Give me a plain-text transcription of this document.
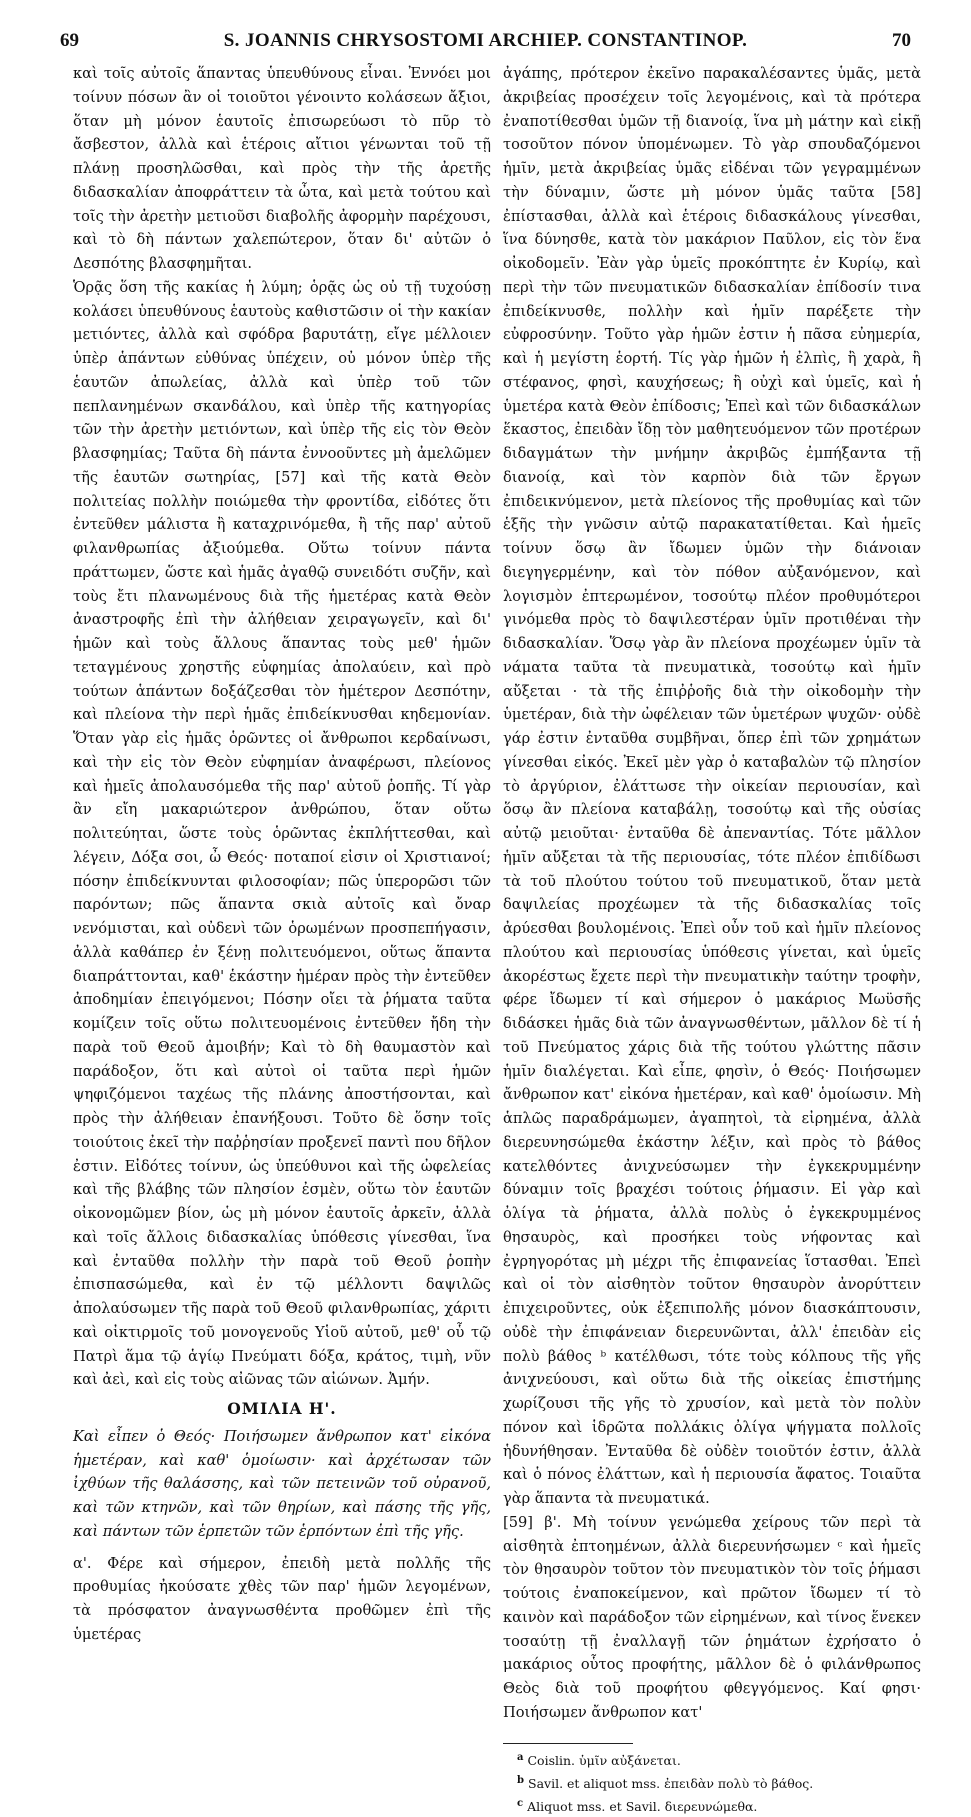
69	S. JOANNIS CHRYSOSTOMI ARCHIEP. CONSTANTINOP.	70

καὶ τοῖς αὐτοῖς ἅπαντας ὑπευθύνους εἶναι. Ἐννόει μοι τοίνυν πόσων ἂν οἱ τοιοῦτοι γένοιντο κολάσεων ἄξιοι, ὅταν μὴ μόνον ἑαυτοῖς ἐπισωρεύωσι τὸ πῦρ τὸ ἄσβεστον, ἀλλὰ καὶ ἑτέροις αἴτιοι γένωνται τοῦ τῇ πλάνῃ προσηλῶσθαι, καὶ πρὸς τὴν τῆς ἀρετῆς διδασκαλίαν ἀποφράττειν τὰ ὦτα, καὶ μετὰ τούτου καὶ τοῖς τὴν ἀρετὴν μετιοῦσι διαβολῆς ἀφορμὴν παρέχουσι, καὶ τὸ δὴ πάντων χαλεπώτερον, ὅταν δι' αὐτῶν ὁ Δεσπότης βλασφημῆται.

Ὁρᾷς ὅση τῆς κακίας ἡ λύμη; ὁρᾷς ὡς οὐ τῇ τυχούσῃ κολάσει ὑπευθύνους ἑαυτοὺς καθιστῶσιν οἱ τὴν κακίαν μετιόντες, ἀλλὰ καὶ σφόδρα βαρυτάτῃ, εἴγε μέλλοιεν ὑπὲρ ἁπάντων εὐθύνας ὑπέχειν, οὐ μόνον ὑπὲρ τῆς ἑαυτῶν ἀπωλείας, ἀλλὰ καὶ ὑπὲρ τοῦ τῶν πεπλανημένων σκανδάλου, καὶ ὑπὲρ τῆς κατηγορίας τῶν τὴν ἀρετὴν μετιόντων, καὶ ὑπὲρ τῆς εἰς τὸν Θεὸν βλασφημίας; Ταῦτα δὴ πάντα ἐννοοῦντες μὴ ἀμελῶμεν τῆς ἑαυτῶν σωτηρίας, [57] καὶ τῆς κατὰ Θεὸν πολιτείας πολλὴν ποιώμεθα τὴν φροντίδα, εἰδότες ὅτι ἐντεῦθεν μάλιστα ἢ καταχρινόμεθα, ἢ τῆς παρ' αὐτοῦ φιλανθρωπίας ἀξιούμεθα. Οὕτω τοίνυν πάντα πράττωμεν, ὥστε καὶ ἡμᾶς ἀγαθῷ συνειδότι συζῆν, καὶ τοὺς ἔτι πλανωμένους διὰ τῆς ἡμετέρας κατὰ Θεὸν ἀναστροφῆς ἐπὶ τὴν ἀλήθειαν χειραγωγεῖν, καὶ δι' ἡμῶν καὶ τοὺς ἄλλους ἅπαντας τοὺς μεθ' ἡμῶν τεταγμένους χρηστῆς εὐφημίας ἀπολαύειν, καὶ πρὸ τούτων ἁπάντων δοξάζεσθαι τὸν ἡμέτερον Δεσπότην, καὶ πλείονα τὴν περὶ ἡμᾶς ἐπιδείκνυσθαι κηδεμονίαν. Ὅταν γὰρ εἰς ἡμᾶς ὁρῶντες οἱ ἄνθρωποι κερδαίνωσι, καὶ τὴν εἰς τὸν Θεὸν εὐφημίαν ἀναφέρωσι, πλείονος καὶ ἡμεῖς ἀπολαυσόμεθα τῆς παρ' αὐτοῦ ῥοπῆς. Τί γὰρ ἂν εἴη μακαριώτερον ἀνθρώπου, ὅταν οὕτω πολιτεύηται, ὥστε τοὺς ὁρῶντας ἐκπλήττεσθαι, καὶ λέγειν, Δόξα σοι, ὦ Θεός· ποταποί εἰσιν οἱ Χριστιανοί; πόσην ἐπιδείκνυνται φιλοσοφίαν; πῶς ὑπερορῶσι τῶν παρόντων; πῶς ἅπαντα σκιὰ αὐτοῖς καὶ ὄναρ νενόμισται, καὶ οὐδενὶ τῶν ὁρωμένων προσπεπήγασιν, ἀλλὰ καθάπερ ἐν ξένῃ πολιτευόμενοι, οὕτως ἅπαντα διαπράττονται, καθ' ἑκάστην ἡμέραν πρὸς τὴν ἐντεῦθεν ἀποδημίαν ἐπειγόμενοι; Πόσην οἴει τὰ ῥήματα ταῦτα κομίζειν τοῖς οὕτω πολιτευομένοις ἐντεῦθεν ἤδη τὴν παρὰ τοῦ Θεοῦ ἀμοιβήν; Καὶ τὸ δὴ θαυμαστὸν καὶ παράδοξον, ὅτι καὶ αὐτοὶ οἱ ταῦτα περὶ ἡμῶν ψηφιζόμενοι ταχέως τῆς πλάνης ἀποστήσονται, καὶ πρὸς τὴν ἀλήθειαν ἐπανήξουσι. Τοῦτο δὲ ὅσην τοῖς τοιούτοις ἐκεῖ τὴν παῤῥησίαν προξενεῖ παντὶ που δῆλον ἐστιν. Εἰδότες τοίνυν, ὡς ὑπεύθυνοι καὶ τῆς ὠφελείας καὶ τῆς βλάβης τῶν πλησίον ἐσμὲν, οὕτω τὸν ἑαυτῶν οἰκονομῶμεν βίον, ὡς μὴ μόνον ἑαυτοῖς ἀρκεῖν, ἀλλὰ καὶ τοῖς ἄλλοις διδασκαλίας ὑπόθεσις γίνεσθαι, ἵνα καὶ ἐνταῦθα πολλὴν τὴν παρὰ τοῦ Θεοῦ ῥοπὴν ἐπισπασώμεθα, καὶ ἐν τῷ μέλλοντι δαψιλῶς ἀπολαύσωμεν τῆς παρὰ τοῦ Θεοῦ φιλανθρωπίας, χάριτι καὶ οἰκτιρμοῖς τοῦ μονογενοῦς Υἱοῦ αὐτοῦ, μεθ' οὗ τῷ Πατρὶ ἅμα τῷ ἁγίῳ Πνεύματι δόξα, κράτος, τιμὴ, νῦν καὶ ἀεὶ, καὶ εἰς τοὺς αἰῶνας τῶν αἰώνων. Ἀμήν.

ΟΜΙΛΙΑ Η'.

Καὶ εἶπεν ὁ Θεός· Ποιήσωμεν ἄνθρωπον κατ' εἰκόνα ἡμετέραν, καὶ καθ' ὁμοίωσιν· καὶ ἀρχέτωσαν τῶν ἰχθύων τῆς θαλάσσης, καὶ τῶν πετεινῶν τοῦ οὐρανοῦ, καὶ τῶν κτηνῶν, καὶ τῶν θηρίων, καὶ πάσης τῆς γῆς, καὶ πάντων τῶν ἑρπετῶν τῶν ἑρπόντων ἐπὶ τῆς γῆς.

α'. Φέρε καὶ σήμερον, ἐπειδὴ μετὰ πολλῆς τῆς προθυμίας ἠκούσατε χθὲς τῶν παρ' ἡμῶν λεγομένων, τὰ πρόσφατον ἀναγνωσθέντα προθῶμεν ἐπὶ τῆς ὑμετέρας

ἀγάπης, πρότερον ἐκεῖνο παρακαλέσαντες ὑμᾶς, μετὰ ἀκριβείας προσέχειν τοῖς λεγομένοις, καὶ τὰ πρότερα ἐναποτίθεσθαι ὑμῶν τῇ διανοίᾳ, ἵνα μὴ μάτην καὶ εἰκῇ τοσοῦτον πόνον ὑπομένωμεν. Τὸ γὰρ σπουδαζόμενοι ἡμῖν, μετὰ ἀκριβείας ὑμᾶς εἰδέναι τῶν γεγραμμένων τὴν δύναμιν, ὥστε μὴ μόνον ὑμᾶς ταῦτα [58] ἐπίστασθαι, ἀλλὰ καὶ ἑτέροις διδασκάλους γίνεσθαι, ἵνα δύνησθε, κατὰ τὸν μακάριον Παῦλον, εἰς τὸν ἕνα οἰκοδομεῖν. Ἐὰν γὰρ ὑμεῖς προκόπτητε ἐν Κυρίῳ, καὶ περὶ τὴν τῶν πνευματικῶν διδασκαλίαν ἐπίδοσίν τινα ἐπιδείκνυσθε, πολλὴν καὶ ἡμῖν παρέξετε τὴν εὐφροσύνην. Τοῦτο γὰρ ἡμῶν ἐστιν ἡ πᾶσα εὐημερία, καὶ ἡ μεγίστη ἑορτή. Τίς γὰρ ἡμῶν ἡ ἐλπὶς, ἢ χαρὰ, ἢ στέφανος, φησὶ, καυχήσεως; ἢ οὐχὶ καὶ ὑμεῖς, καὶ ἡ ὑμετέρα κατὰ Θεὸν ἐπίδοσις; Ἐπεὶ καὶ τῶν διδασκάλων ἕκαστος, ἐπειδὰν ἴδῃ τὸν μαθητευόμενον τῶν προτέρων διδαγμάτων τὴν μνήμην ἀκριβῶς ἐμπήξαντα τῇ διανοίᾳ, καὶ τὸν καρπὸν διὰ τῶν ἔργων ἐπιδεικνύμενον, μετὰ πλείονος τῆς προθυμίας καὶ τῶν ἑξῆς τὴν γνῶσιν αὐτῷ παρακατατίθεται. Καὶ ἡμεῖς τοίνυν ὅσῳ ἂν ἴδωμεν ὑμῶν τὴν διάνοιαν διεγηγερμένην, καὶ τὸν πόθον αὐξανόμενον, καὶ λογισμὸν ἐπτερωμένον, τοσούτῳ πλέον προθυμότεροι γινόμεθα πρὸς τὸ δαψιλεστέραν ὑμῖν προτιθέναι τὴν διδασκαλίαν. Ὅσῳ γὰρ ἂν πλείονα προχέωμεν ὑμῖν τὰ νάματα ταῦτα τὰ πνευματικὰ, τοσούτῳ καὶ ἡμῖν αὔξεται · τὰ τῆς ἐπιῤῥοῆς διὰ τὴν οἰκοδομὴν τὴν ὑμετέραν, διὰ τὴν ὠφέλειαν τῶν ὑμετέρων ψυχῶν· οὐδὲ γάρ ἐστιν ἐνταῦθα συμβῆναι, ὅπερ ἐπὶ τῶν χρημάτων γίνεσθαι εἰκός. Ἐκεῖ μὲν γὰρ ὁ καταβαλὼν τῷ πλησίον τὸ ἀργύριον, ἐλάττωσε τὴν οἰκείαν περιουσίαν, καὶ ὅσῳ ἂν πλείονα καταβάλῃ, τοσούτῳ καὶ τῆς οὐσίας αὐτῷ μειοῦται· ἐνταῦθα δὲ ἀπεναντίας. Τότε μᾶλλον ἡμῖν αὔξεται τὰ τῆς περιουσίας, τότε πλέον ἐπιδίδωσι τὰ τοῦ πλούτου τούτου τοῦ πνευματικοῦ, ὅταν μετὰ δαψιλείας προχέωμεν τὰ τῆς διδασκαλίας τοῖς ἀρύεσθαι βουλομένοις. Ἐπεὶ οὖν τοῦ καὶ ἡμῖν πλείονος πλούτου καὶ περιουσίας ὑπόθεσις γίνεται, καὶ ὑμεῖς ἀκορέστως ἔχετε περὶ τὴν πνευματικὴν ταύτην τροφὴν, φέρε ἴδωμεν τί καὶ σήμερον ὁ μακάριος Μωϋσῆς διδάσκει ἡμᾶς διὰ τῶν ἀναγνωσθέντων, μᾶλλον δὲ τί ἡ τοῦ Πνεύματος χάρις διὰ τῆς τούτου γλώττης πᾶσιν ἡμῖν διαλέγεται. Καὶ εἶπε, φησὶν, ὁ Θεός· Ποιήσωμεν ἄνθρωπον κατ' εἰκόνα ἡμετέραν, καὶ καθ' ὁμοίωσιν. Μὴ ἁπλῶς παραδράμωμεν, ἀγαπητοὶ, τὰ εἰρημένα, ἀλλὰ διερευνησώμεθα ἑκάστην λέξιν, καὶ πρὸς τὸ βάθος κατελθόντες ἀνιχνεύσωμεν τὴν ἐγκεκρυμμένην δύναμιν τοῖς βραχέσι τούτοις ῥήμασιν. Εἰ γὰρ καὶ ὀλίγα τὰ ῥήματα, ἀλλὰ πολὺς ὁ ἐγκεκρυμμένος θησαυρὸς, καὶ προσήκει τοὺς νήφοντας καὶ ἐγρηγορότας μὴ μέχρι τῆς ἐπιφανείας ἵστασθαι. Ἐπεὶ καὶ οἱ τὸν αἰσθητὸν τοῦτον θησαυρὸν ἀνορύττειν ἐπιχειροῦντες, οὐκ ἐξεπιπολῆς μόνον διασκάπτουσιν, οὐδὲ τὴν ἐπιφάνειαν διερευνῶνται, ἀλλ' ἐπειδὰν εἰς πολὺ βάθος ᵇ κατέλθωσι, τότε τοὺς κόλπους τῆς γῆς ἀνιχνεύουσι, καὶ οὕτω διὰ τῆς οἰκείας ἐπιστήμης χωρίζουσι τῆς γῆς τὸ χρυσίον, καὶ μετὰ τὸν πολὺν πόνον καὶ ἱδρῶτα πολλάκις ὀλίγα ψήγματα πολλοῖς ἡδυνήθησαν. Ἐνταῦθα δὲ οὐδὲν τοιοῦτόν ἐστιν, ἀλλὰ καὶ ὁ πόνος ἐλάττων, καὶ ἡ περιουσία ἄφατος. Τοιαῦτα γὰρ ἅπαντα τὰ πνευματικά.

[59] β'. Μὴ τοίνυν γενώμεθα χείρους τῶν περὶ τὰ αἰσθητὰ ἐπτοημένων, ἀλλὰ διερευνήσωμεν ᶜ καὶ ἡμεῖς τὸν θησαυρὸν τοῦτον τὸν πνευματικὸν τὸν τοῖς ῥήμασι τούτοις ἐναποκείμενον, καὶ πρῶτον ἴδωμεν τί τὸ καινὸν καὶ παράδοξον τῶν εἰρημένων, καὶ τίνος ἕνεκεν τοσαύτῃ τῇ ἐναλλαγῇ τῶν ῥημάτων ἐχρήσατο ὁ μακάριος οὗτος προφήτης, μᾶλλον δὲ ὁ φιλάνθρωπος Θεὸς διὰ τοῦ προφήτου φθεγγόμενος. Καί φησι· Ποιήσωμεν ἄνθρωπον κατ'

$^a$ Coislin. ὑμῖν αὐξάνεται.

$^b$ Savil. et aliquot mss. ἐπειδὰν πολὺ τὸ βάθος.

$^c$ Aliquot mss. et Savil. διερευνώμεθα.
